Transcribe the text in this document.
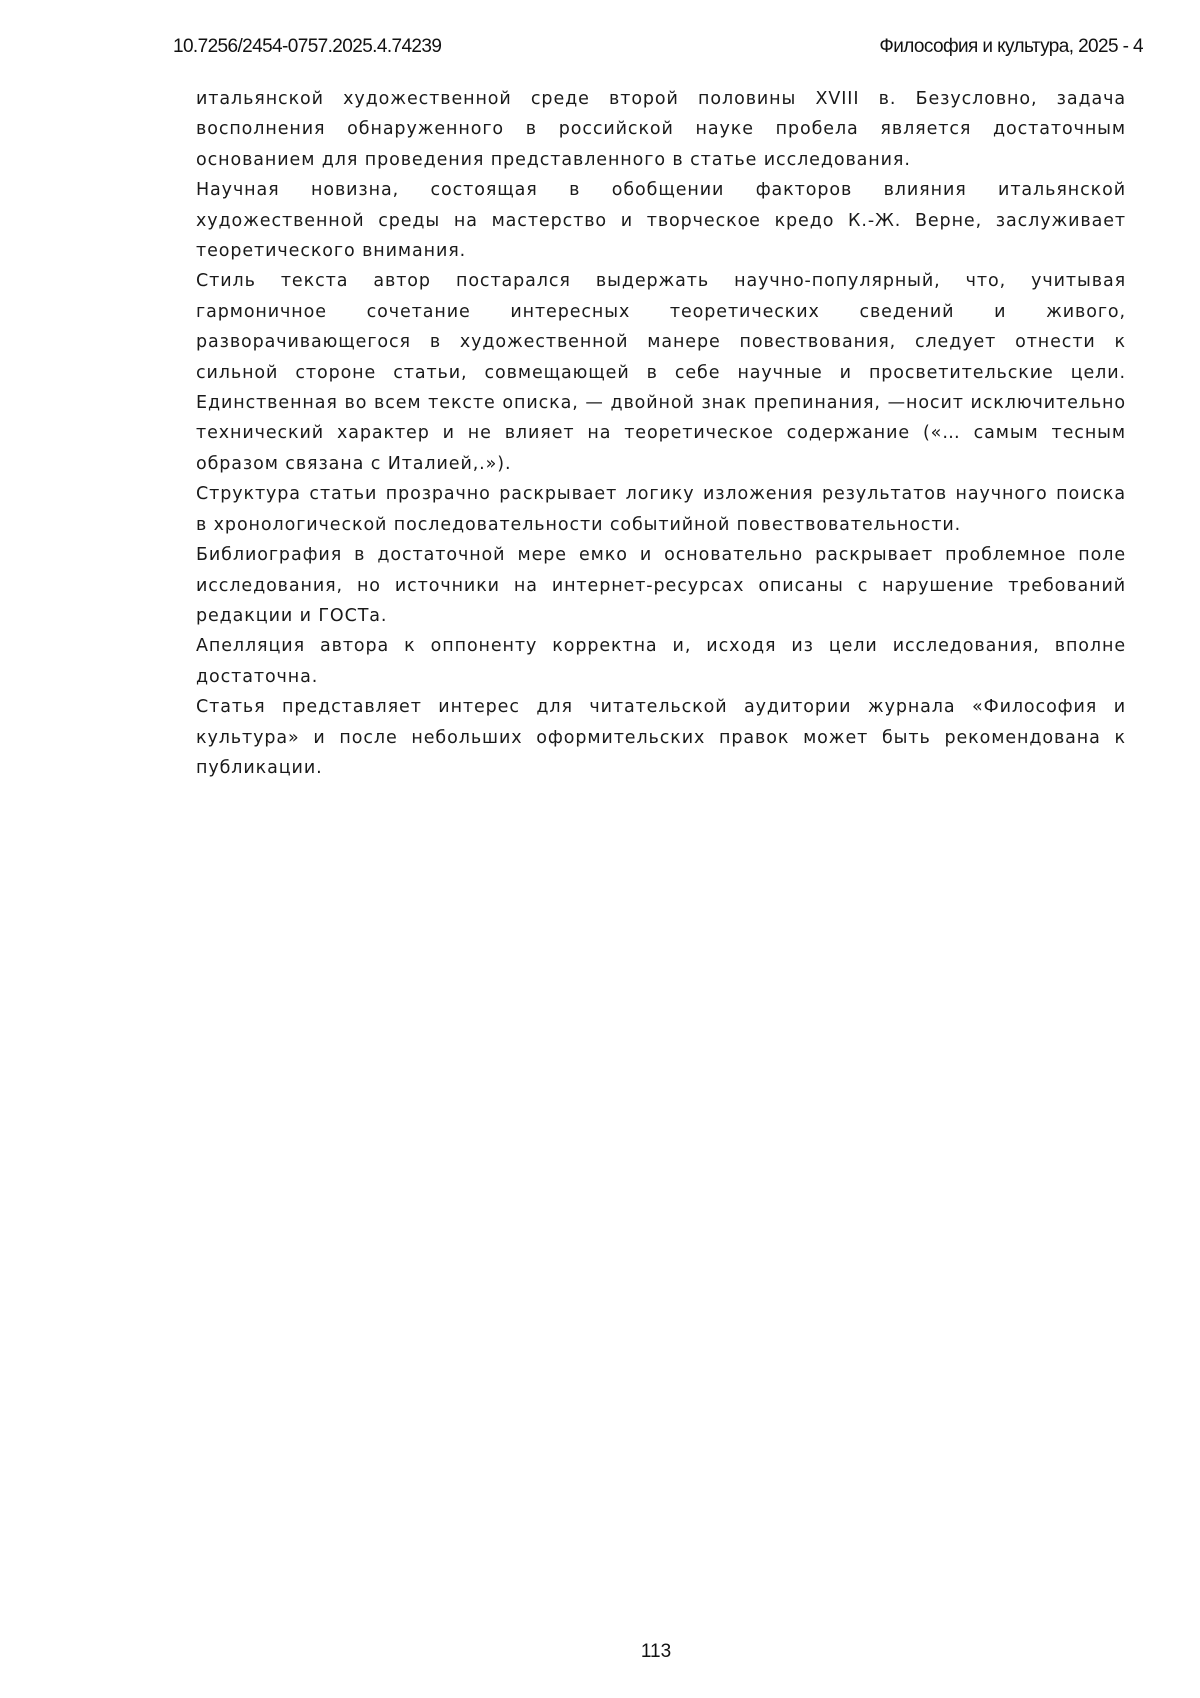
10.7256/2454-0757.2025.4.74239	Философия и культура, 2025 - 4

итальянской художественной среде второй половины XVIII в. Безусловно, задача восполнения обнаруженного в российской науке пробела является достаточным основанием для проведения представленного в статье исследования.

Научная новизна, состоящая в обобщении факторов влияния итальянской художественной среды на мастерство и творческое кредо К.-Ж. Верне, заслуживает теоретического внимания.

Стиль текста автор постарался выдержать научно-популярный, что, учитывая гармоничное сочетание интересных теоретических сведений и живого, разворачивающегося в художественной манере повествования, следует отнести к сильной стороне статьи, совмещающей в себе научные и просветительские цели. Единственная во всем тексте описка, — двойной знак препинания, —носит исключительно технический характер и не влияет на теоретическое содержание («… самым тесным образом связана с Италией,.»).

Структура статьи прозрачно раскрывает логику изложения результатов научного поиска в хронологической последовательности событийной повествовательности.

Библиография в достаточной мере емко и основательно раскрывает проблемное поле исследования, но источники на интернет-ресурсах описаны с нарушение требований редакции и ГОСТа.

Апелляция автора к оппоненту корректна и, исходя из цели исследования, вполне достаточна.

Статья представляет интерес для читательской аудитории журнала «Философия и культура» и после небольших оформительских правок может быть рекомендована к публикации.

113
